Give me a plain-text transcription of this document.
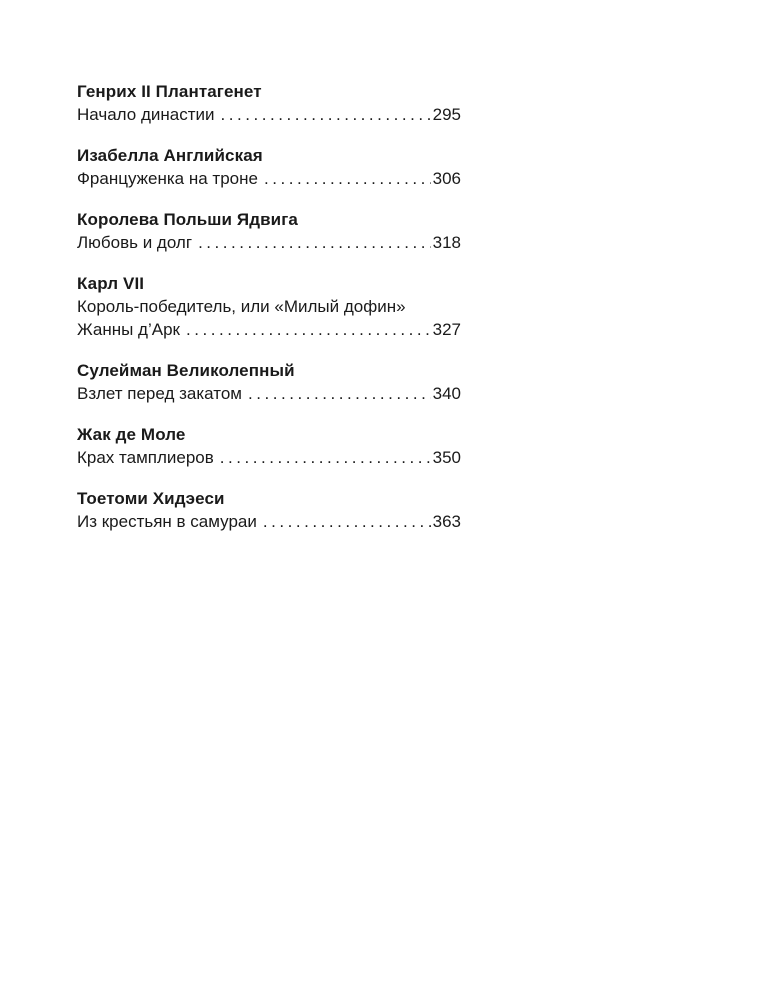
Генрих II Плантагенет
Начало династии . . .	295
Изабелла Английская
Француженка на троне . . .	306
Королева Польши Ядвига
Любовь и долг . . .	318
Карл VII
Король-победитель, или «Милый дофин»
Жанны д’Арк . . .	327
Сулейман Великолепный
Взлет перед закатом . . .	340
Жак де Моле
Крах тамплиеров . . .	350
Тоетоми Хидэеси
Из крестьян в самураи . . .	363
